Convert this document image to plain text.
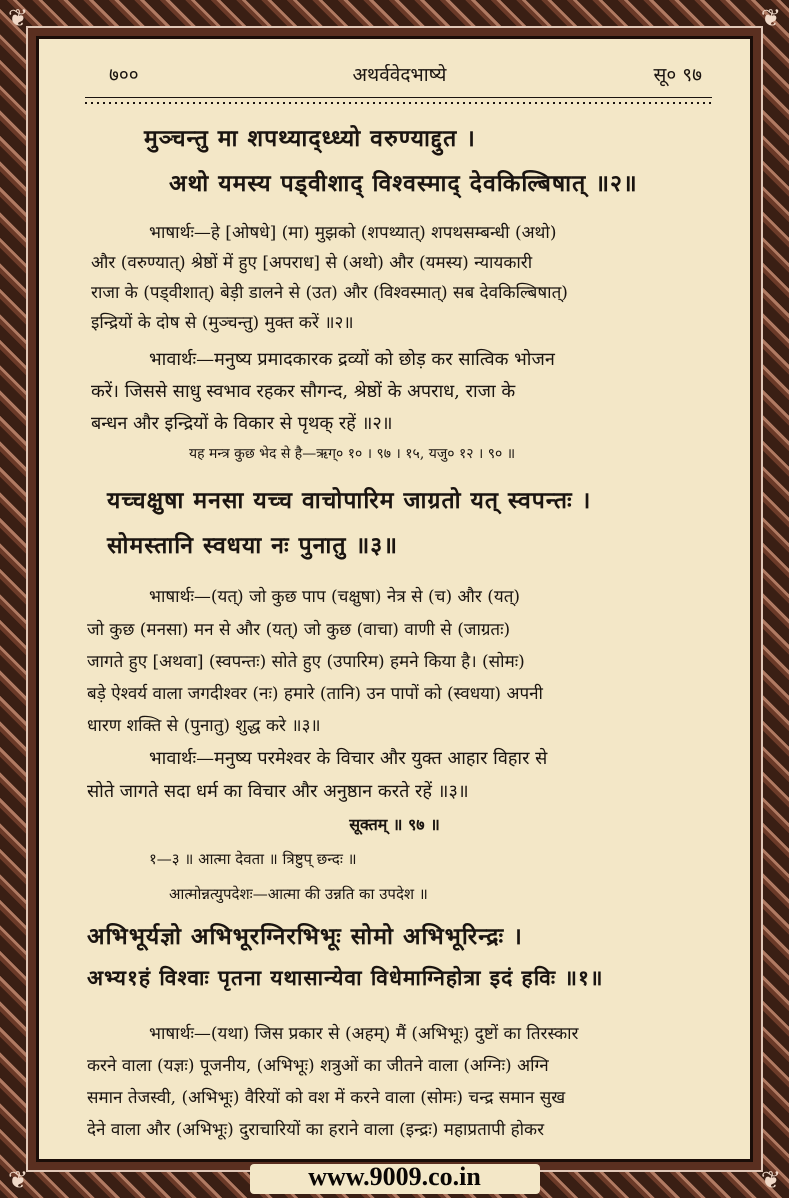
❦	❦
❦	❦
७००	अथर्ववेदभाष्ये	सू० ९७
मुञ्चन्तु मा शपथ्याद्ध्ध्यो वरुण्याद्दुत ।
अथो यमस्य पड्वीशाद् विश्वस्माद् देवकिल्बिषात् ॥२॥
भाषार्थः—हे [ओषधे] (मा) मुझको (शपथ्यात्) शपथसम्बन्धी (अथो)
और (वरुण्यात्) श्रेष्ठों में हुए [अपराध] से (अथो) और (यमस्य) न्यायकारी
राजा के (पड्वीशात्) बेड़ी डालने से (उत) और (विश्वस्मात्) सब देवकिल्बिषात्)
इन्द्रियों के दोष से (मुञ्चन्तु) मुक्त करें ॥२॥
भावार्थः—मनुष्य प्रमादकारक द्रव्यों को छोड़ कर सात्विक भोजन
करें। जिससे साधु स्वभाव रहकर सौगन्द, श्रेष्ठों के अपराध, राजा के
बन्धन और इन्द्रियों के विकार से पृथक् रहें ॥२॥
यह मन्त्र कुछ भेद से है—ऋग्० १० । ९७ । १५, यजु० १२ । ९० ॥
यच्चक्षुषा मनसा यच्च वाचोपारिम जाग्रतो यत् स्वपन्तः ।
सोमस्तानि स्वधया नः पुनातु ॥३॥
भाषार्थः—(यत्) जो कुछ पाप (चक्षुषा) नेत्र से (च) और (यत्)
जो कुछ (मनसा) मन से और (यत्) जो कुछ (वाचा) वाणी से (जाग्रतः)
जागते हुए [अथवा] (स्वपन्तः) सोते हुए (उपारिम) हमने किया है। (सोमः)
बड़े ऐश्वर्य वाला जगदीश्वर (नः) हमारे (तानि) उन पापों को (स्वधया) अपनी
धारण शक्ति से (पुनातु) शुद्ध करे ॥३॥
भावार्थः—मनुष्य परमेश्वर के विचार और युक्त आहार विहार से
सोते जागते सदा धर्म का विचार और अनुष्ठान करते रहें ॥३॥
सूक्तम् ॥ ९७ ॥
१—३ ॥ आत्मा देवता ॥ त्रिष्टुप् छन्दः ॥
आत्मोन्नत्युपदेशः—आत्मा की उन्नति का उपदेश ॥
अभिभूर्यज्ञो अभिभूरग्निरभिभूः सोमो अभिभूरिन्द्रः ।
अभ्य१हं विश्वाः पृतना यथासान्येवा विधेमाग्निहोत्रा इदं हविः ॥१॥
भाषार्थः—(यथा) जिस प्रकार से (अहम्) मैं (अभिभूः) दुष्टों का तिरस्कार
करने वाला (यज्ञः) पूजनीय, (अभिभूः) शत्रुओं का जीतने वाला (अग्निः) अग्नि
समान तेजस्वी, (अभिभूः) वैरियों को वश में करने वाला (सोमः) चन्द्र समान सुख
देने वाला और (अभिभूः) दुराचारियों का हराने वाला (इन्द्रः) महाप्रतापी होकर
www.9009.co.in
